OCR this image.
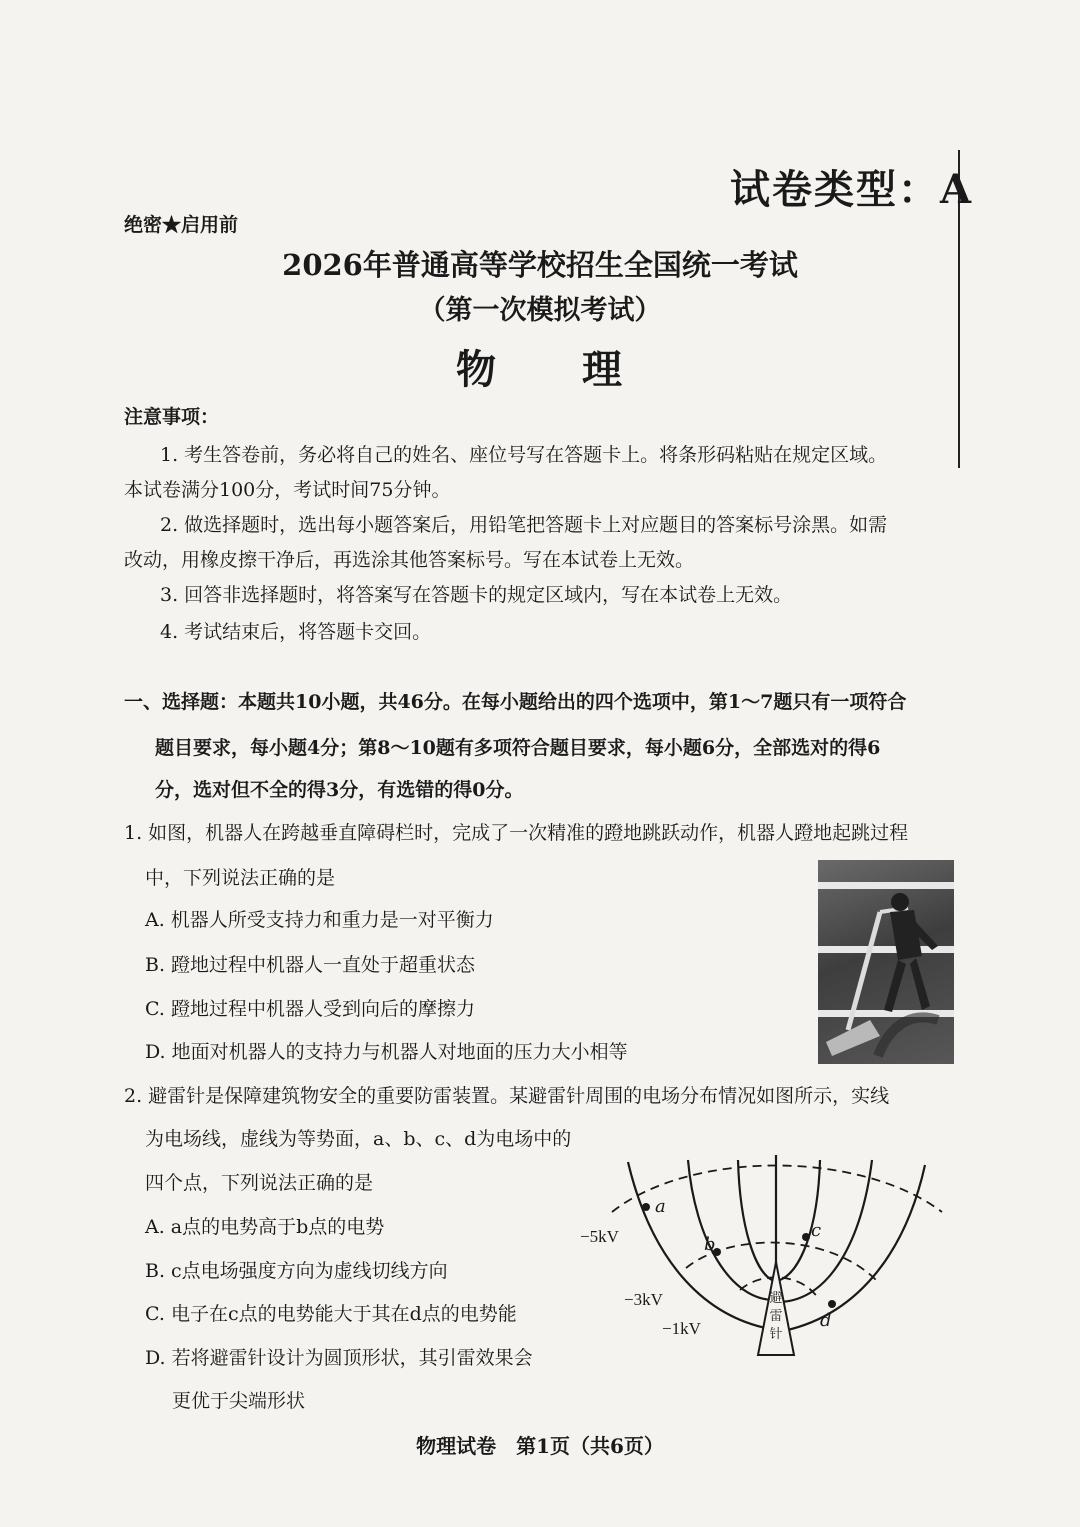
试卷类型：A
绝密★启用前
2026年普通高等学校招生全国统一考试
（第一次模拟考试）
物　　理
注意事项：
1. 考生答卷前，务必将自己的姓名、座位号写在答题卡上。将条形码粘贴在规定区域。
本试卷满分100分，考试时间75分钟。
2. 做选择题时，选出每小题答案后，用铅笔把答题卡上对应题目的答案标号涂黑。如需
改动，用橡皮擦干净后，再选涂其他答案标号。写在本试卷上无效。
3. 回答非选择题时，将答案写在答题卡的规定区域内，写在本试卷上无效。
4. 考试结束后，将答题卡交回。
一、选择题：本题共10小题，共46分。在每小题给出的四个选项中，第1～7题只有一项符合
题目要求，每小题4分；第8～10题有多项符合题目要求，每小题6分，全部选对的得6
分，选对但不全的得3分，有选错的得0分。
1. 如图，机器人在跨越垂直障碍栏时，完成了一次精准的蹬地跳跃动作，机器人蹬地起跳过程
中，下列说法正确的是
A. 机器人所受支持力和重力是一对平衡力
B. 蹬地过程中机器人一直处于超重状态
C. 蹬地过程中机器人受到向后的摩擦力
D. 地面对机器人的支持力与机器人对地面的压力大小相等
2. 避雷针是保障建筑物安全的重要防雷装置。某避雷针周围的电场分布情况如图所示，实线
为电场线，虚线为等势面，a、b、c、d为电场中的
四个点，下列说法正确的是
A. a点的电势高于b点的电势
B. c点电场强度方向为虚线切线方向
C. 电子在c点的电势能大于其在d点的电势能
D. 若将避雷针设计为圆顶形状，其引雷效果会
更优于尖端形状
a
b
c
d
−5kV
−3kV
−1kV
避
雷
针
物理试卷　第1页（共6页）
